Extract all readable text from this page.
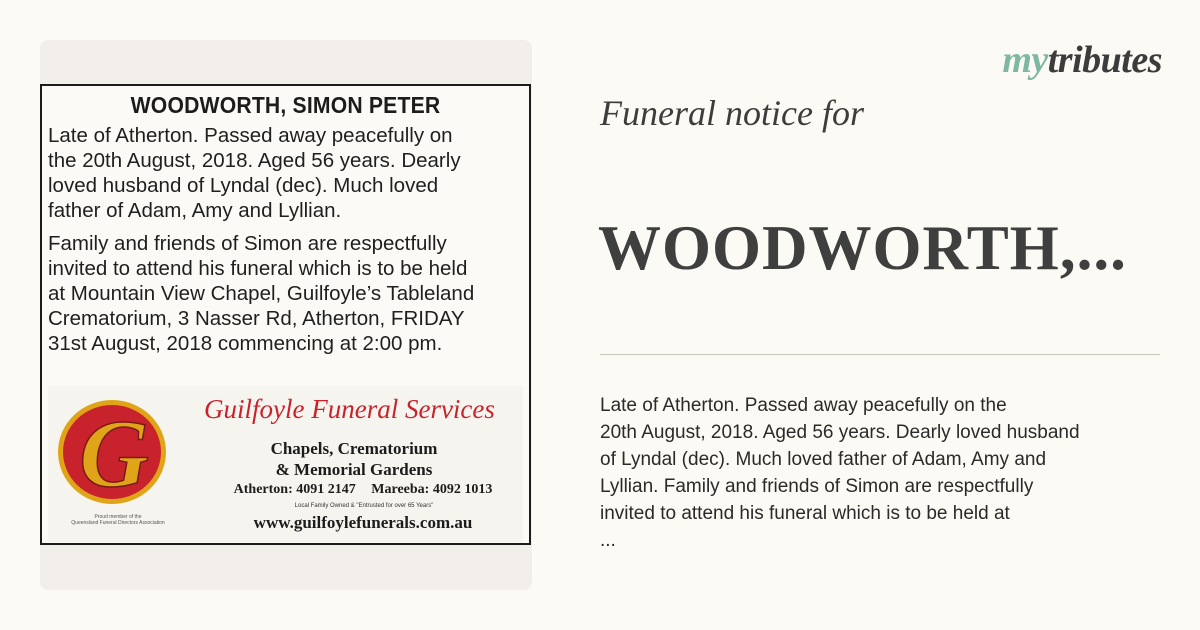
WOODWORTH, SIMON PETER
Late of Atherton. Passed away peacefully on
the 20th August, 2018. Aged 56 years. Dearly
loved husband of Lyndal (dec). Much loved
father of Adam, Amy and Lyllian.
Family and friends of Simon are respectfully
invited to attend his funeral which is to be held
at Mountain View Chapel, Guilfoyle’s Tableland
Crematorium, 3 Nasser Rd, Atherton, FRIDAY
31st August, 2018 commencing at 2:00 pm.
G
Proud member of the
Queensland Funeral Directors Association
Guilfoyle Funeral Services
Chapels, Crematorium
& Memorial Gardens
Atherton: 4091 2147 Mareeba: 4092 1013
Local Family Owned & "Entrusted for over 65 Years"
www.guilfoylefunerals.com.au
mytributes
Funeral notice for
WOODWORTH,...
Late of Atherton. Passed away peacefully on the
20th August, 2018. Aged 56 years. Dearly loved husband
of Lyndal (dec). Much loved father of Adam, Amy and
Lyllian. Family and friends of Simon are respectfully
invited to attend his funeral which is to be held at
...
